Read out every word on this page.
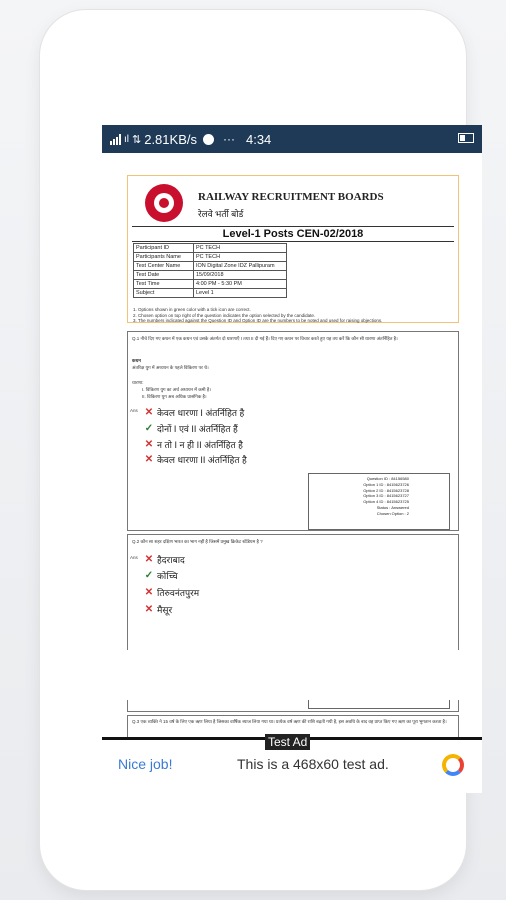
ıl ⇅ 2.81KB/s ··· 4:34
RAILWAY RECRUITMENT BOARDS
रेलवे भर्ती बोर्ड
Level-1 Posts CEN-02/2018
Participant ID	PC TECH
Participants Name	PC TECH
Test Center Name	ION Digital Zone IDZ Pallipuram
Test Date	15/09/2018
Test Time	4:00 PM - 5:30 PM
Subject	Level 1
1. Options shown in green color with a tick icon are correct.
2. Chosen option on top right of the question indicates the option selected by the candidate.
3. The numbers indicated against the Question ID and Option ID are the numbers to be noted and used for raising objections.
Q.1 नीचे दिए गए कथन में एक कथन एवं उसके अंतर्गत दो धारणाएँ I तथा II दी गई हैं। दिए गए कथन पर विचार करते हुए यह तय करें कि कौन सी धारणा अंतर्निहित है।
कथन
अंतरिक्ष युग में अध्ययन के पहले विकिरण पर थे।
धारणा:
I. विकिरण युग का अर्थ अध्ययन में कमी है।
II. विकिरण युग अब अधिक प्रासंगिक है।
Ans ✕ केवल धारणा I अंतर्निहित है
✓ दोनों I एवं II अंतर्निहित हैं
✕ न तो I न ही II अंतर्निहित है
✕ केवल धारणा II अंतर्निहित है
Question ID : 84156580
Option 1 ID : 8415623726
Option 2 ID : 8415623728
Option 3 ID : 8415623727
Option 4 ID : 8415623725
Status : Answered
Chosen Option : 2
Q.2 कौन सा शहर दक्षिण भारत का भाग नहीं है जिसमें प्रमुख क्रिकेट स्टेडियम है ?
Ans ✕ हैदराबाद
✓ कोच्चि
✕ तिरुवनंतपुरम
✕ मैसूर
Q.3 एक व्यक्ति ने 15 वर्ष के लिए एक ऋण लिया है जिसका वार्षिक ब्याज लिया गया था। प्रत्येक वर्ष ऋण की राशि बढ़ती गयी है, इस अवधि के बाद वह प्राप्त किए गए ऋण का पूरा भुगतान करता है।
Test Ad
Nice job!	This is a 468x60 test ad.
